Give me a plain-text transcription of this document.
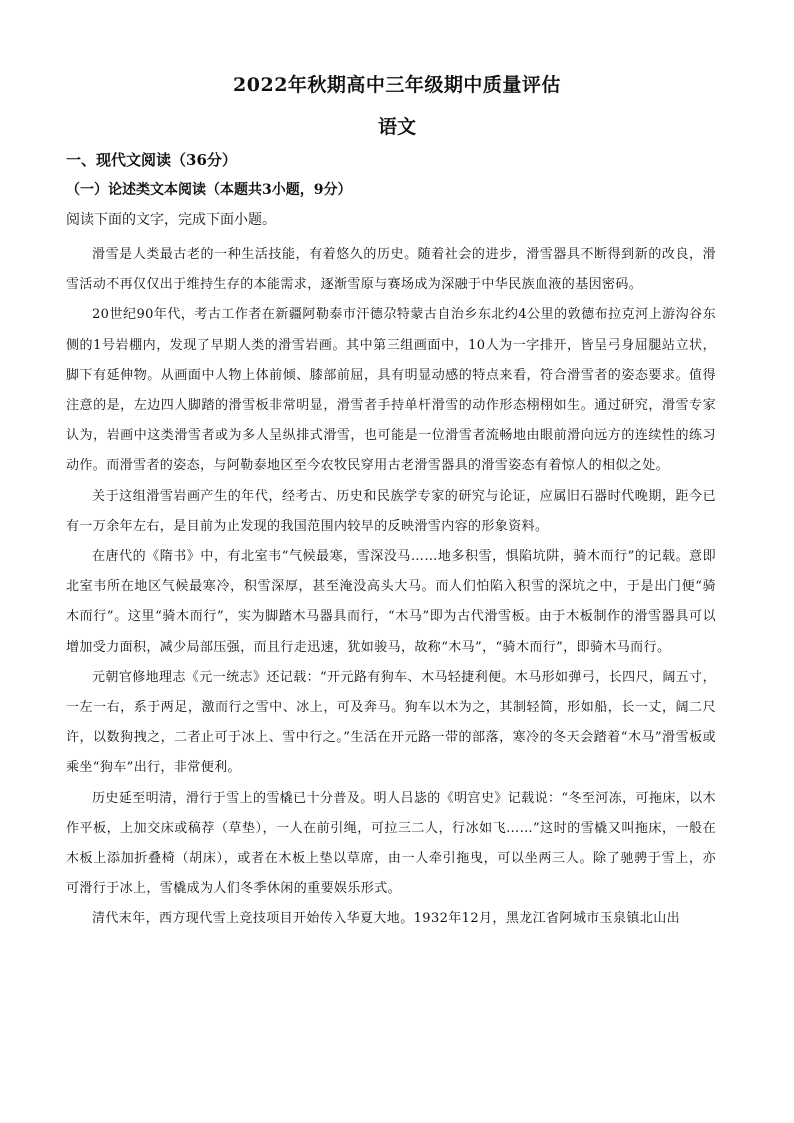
2022年秋期高中三年级期中质量评估
语文
一、现代文阅读（36分）
（一）论述类文本阅读（本题共3小题，9分）
阅读下面的文字，完成下面小题。

滑雪是人类最古老的一种生活技能，有着悠久的历史。随着社会的进步，滑雪器具不断得到新的改良，滑雪活动不再仅仅出于维持生存的本能需求，逐渐雪原与赛场成为深融于中华民族血液的基因密码。

20世纪90年代，考古工作者在新疆阿勒泰市汗德尕特蒙古自治乡东北约4公里的敦德布拉克河上游沟谷东侧的1号岩棚内，发现了早期人类的滑雪岩画。其中第三组画面中，10人为一字排开，皆呈弓身屈腿站立状，脚下有延伸物。从画面中人物上体前倾、膝部前屈，具有明显动感的特点来看，符合滑雪者的姿态要求。值得注意的是，左边四人脚踏的滑雪板非常明显，滑雪者手持单杆滑雪的动作形态栩栩如生。通过研究，滑雪专家认为，岩画中这类滑雪者或为多人呈纵排式滑雪，也可能是一位滑雪者流畅地由眼前滑向远方的连续性的练习动作。而滑雪者的姿态，与阿勒泰地区至今农牧民穿用古老滑雪器具的滑雪姿态有着惊人的相似之处。

关于这组滑雪岩画产生的年代，经考古、历史和民族学专家的研究与论证，应属旧石器时代晚期，距今已有一万余年左右，是目前为止发现的我国范围内较早的反映滑雪内容的形象资料。

在唐代的《隋书》中，有北室韦“气候最寒，雪深没马……地多积雪，惧陷坑阱，骑木而行”的记载。意即北室韦所在地区气候最寒冷，积雪深厚，甚至淹没高头大马。而人们怕陷入积雪的深坑之中，于是出门便“骑木而行”。这里“骑木而行”，实为脚踏木马器具而行，“木马”即为古代滑雪板。由于木板制作的滑雪器具可以增加受力面积，减少局部压强，而且行走迅速，犹如骏马，故称“木马”，“骑木而行”，即骑木马而行。

元朝官修地理志《元一统志》还记载：“开元路有狗车、木马轻捷利便。木马形如弹弓，长四尺，阔五寸，一左一右，系于两足，激而行之雪中、冰上，可及奔马。狗车以木为之，其制轻简，形如船，长一丈，阔二尺许，以数狗拽之，二者止可于冰上、雪中行之。”生活在开元路一带的部落，寒冷的冬天会踏着“木马”滑雪板或乘坐“狗车”出行，非常便利。

历史延至明清，滑行于雪上的雪橇已十分普及。明人吕毖的《明宫史》记载说：“冬至河冻，可拖床，以木作平板，上加交床或稿荐（草垫），一人在前引绳，可拉三二人，行冰如飞……”这时的雪橇又叫拖床，一般在木板上添加折叠椅（胡床），或者在木板上垫以草席，由一人牵引拖曳，可以坐两三人。除了驰骋于雪上，亦可滑行于冰上，雪橇成为人们冬季休闲的重要娱乐形式。

清代末年，西方现代雪上竞技项目开始传入华夏大地。1932年12月，黑龙江省阿城市玉泉镇北山出
